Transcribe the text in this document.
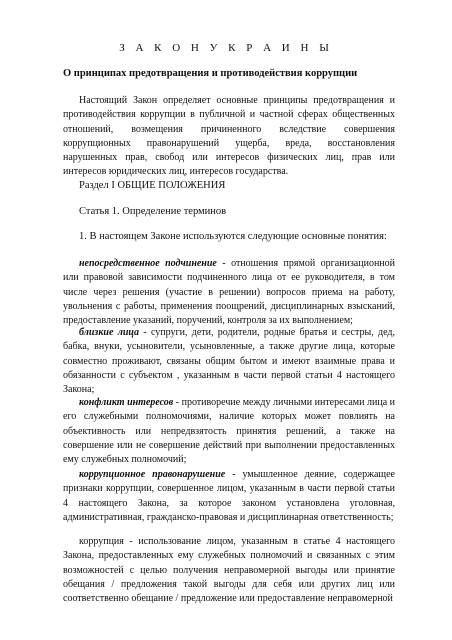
З А К О Н У К Р А И Н Ы
О принципах предотвращения и противодействия коррупции

Настоящий Закон определяет основные принципы предотвращения и противодействия коррупции в публичной и частной сферах общественных отношений, возмещения причиненного вследствие совершения коррупционных правонарушений ущерба, вреда, восстановления нарушенных прав, свобод или интересов физических лиц, прав или интересов юридических лиц, интересов государства.

Раздел І ОБЩИЕ ПОЛОЖЕНИЯ
Статья 1. Определение терминов
1. В настоящем Законе используются следующие основные понятия:

непосредственное подчинение - отношения прямой организационной или правовой зависимости подчиненного лица от ее руководителя, в том числе через решения (участие в решении) вопросов приема на работу, увольнения с работы, применения поощрений, дисциплинарных взысканий, предоставление указаний, поручений, контроля за их выполнением;

близкие лица - супруги, дети, родители, родные братья и сестры, дед, бабка, внуки, усыновители, усыновленные, а также другие лица, которые совместно проживают, связаны общим бытом и имеют взаимные права и обязанности с субъектом , указанным в части первой статьи 4 настоящего Закона;

конфликт интересов - противоречие между личными интересами лица и его служебными полномочиями, наличие которых может повлиять на объективность или непредвзятость принятия решений, а также на совершение или не совершение действий при выполнении предоставленных ему служебных полномочий;

коррупционное правонарушение - умышленное деяние, содержащее признаки коррупции, совершенное лицом, указанным в части первой статьи 4 настоящего Закона, за которое законом установлена уголовная, административная, гражданско-правовая и дисциплинарная ответственность;

коррупция - использование лицом, указанным в статье 4 настоящего Закона, предоставленных ему служебных полномочий и связанных с этим возможностей с целью получения неправомерной выгоды или принятие обещания / предложения такой выгоды для себя или других лиц или соответственно обещание / предложение или предоставление неправомерной
